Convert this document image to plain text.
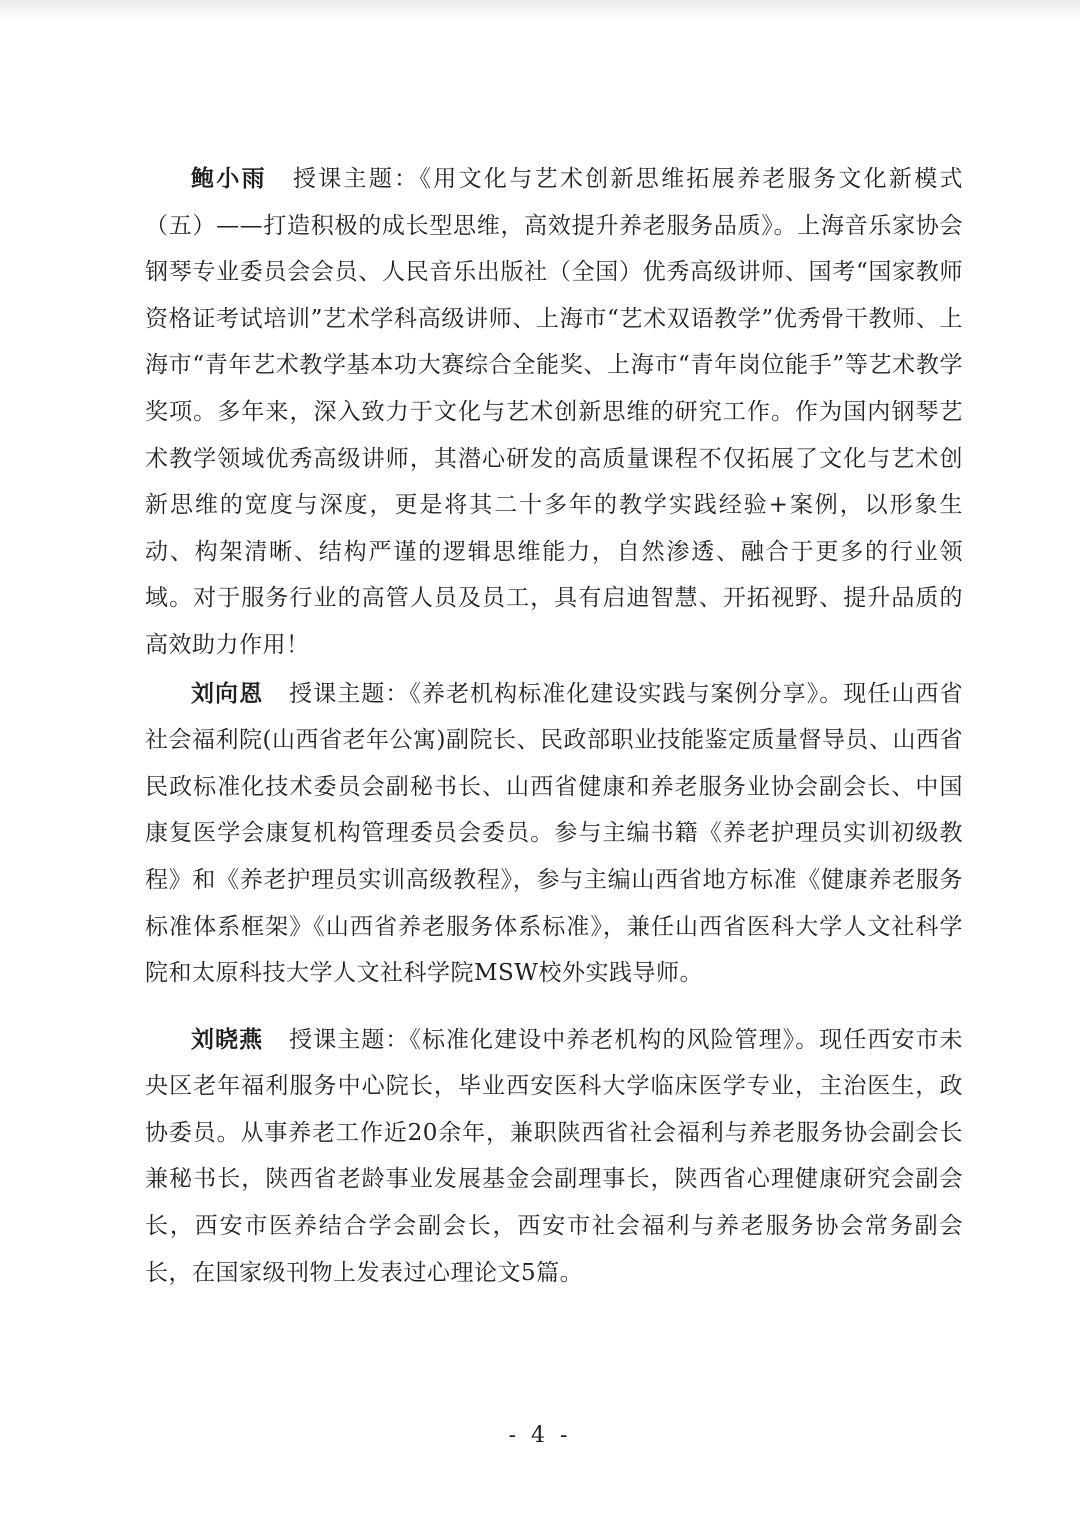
鲍小雨 授课主题：《用文化与艺术创新思维拓展养老服务文化新模式（五）——打造积极的成长型思维，高效提升养老服务品质》。上海音乐家协会钢琴专业委员会会员、人民音乐出版社（全国）优秀高级讲师、国考“国家教师资格证考试培训”艺术学科高级讲师、上海市“艺术双语教学”优秀骨干教师、上海市“青年艺术教学基本功大赛综合全能奖、上海市“青年岗位能手”等艺术教学奖项。多年来，深入致力于文化与艺术创新思维的研究工作。作为国内钢琴艺术教学领域优秀高级讲师，其潜心研发的高质量课程不仅拓展了文化与艺术创新思维的宽度与深度，更是将其二十多年的教学实践经验+案例，以形象生动、构架清晰、结构严谨的逻辑思维能力，自然渗透、融合于更多的行业领域。对于服务行业的高管人员及员工，具有启迪智慧、开拓视野、提升品质的高效助力作用！

刘向恩 授课主题：《养老机构标准化建设实践与案例分享》。现任山西省社会福利院(山西省老年公寓)副院长、民政部职业技能鉴定质量督导员、山西省民政标准化技术委员会副秘书长、山西省健康和养老服务业协会副会长、中国康复医学会康复机构管理委员会委员。参与主编书籍《养老护理员实训初级教程》和《养老护理员实训高级教程》，参与主编山西省地方标准《健康养老服务标准体系框架》《山西省养老服务体系标准》，兼任山西省医科大学人文社科学院和太原科技大学人文社科学院MSW校外实践导师。

刘晓燕 授课主题：《标准化建设中养老机构的风险管理》。现任西安市未央区老年福利服务中心院长，毕业西安医科大学临床医学专业，主治医生，政协委员。从事养老工作近20余年，兼职陕西省社会福利与养老服务协会副会长兼秘书长，陕西省老龄事业发展基金会副理事长，陕西省心理健康研究会副会长，西安市医养结合学会副会长，西安市社会福利与养老服务协会常务副会长，在国家级刊物上发表过心理论文5篇。

- 4 -
